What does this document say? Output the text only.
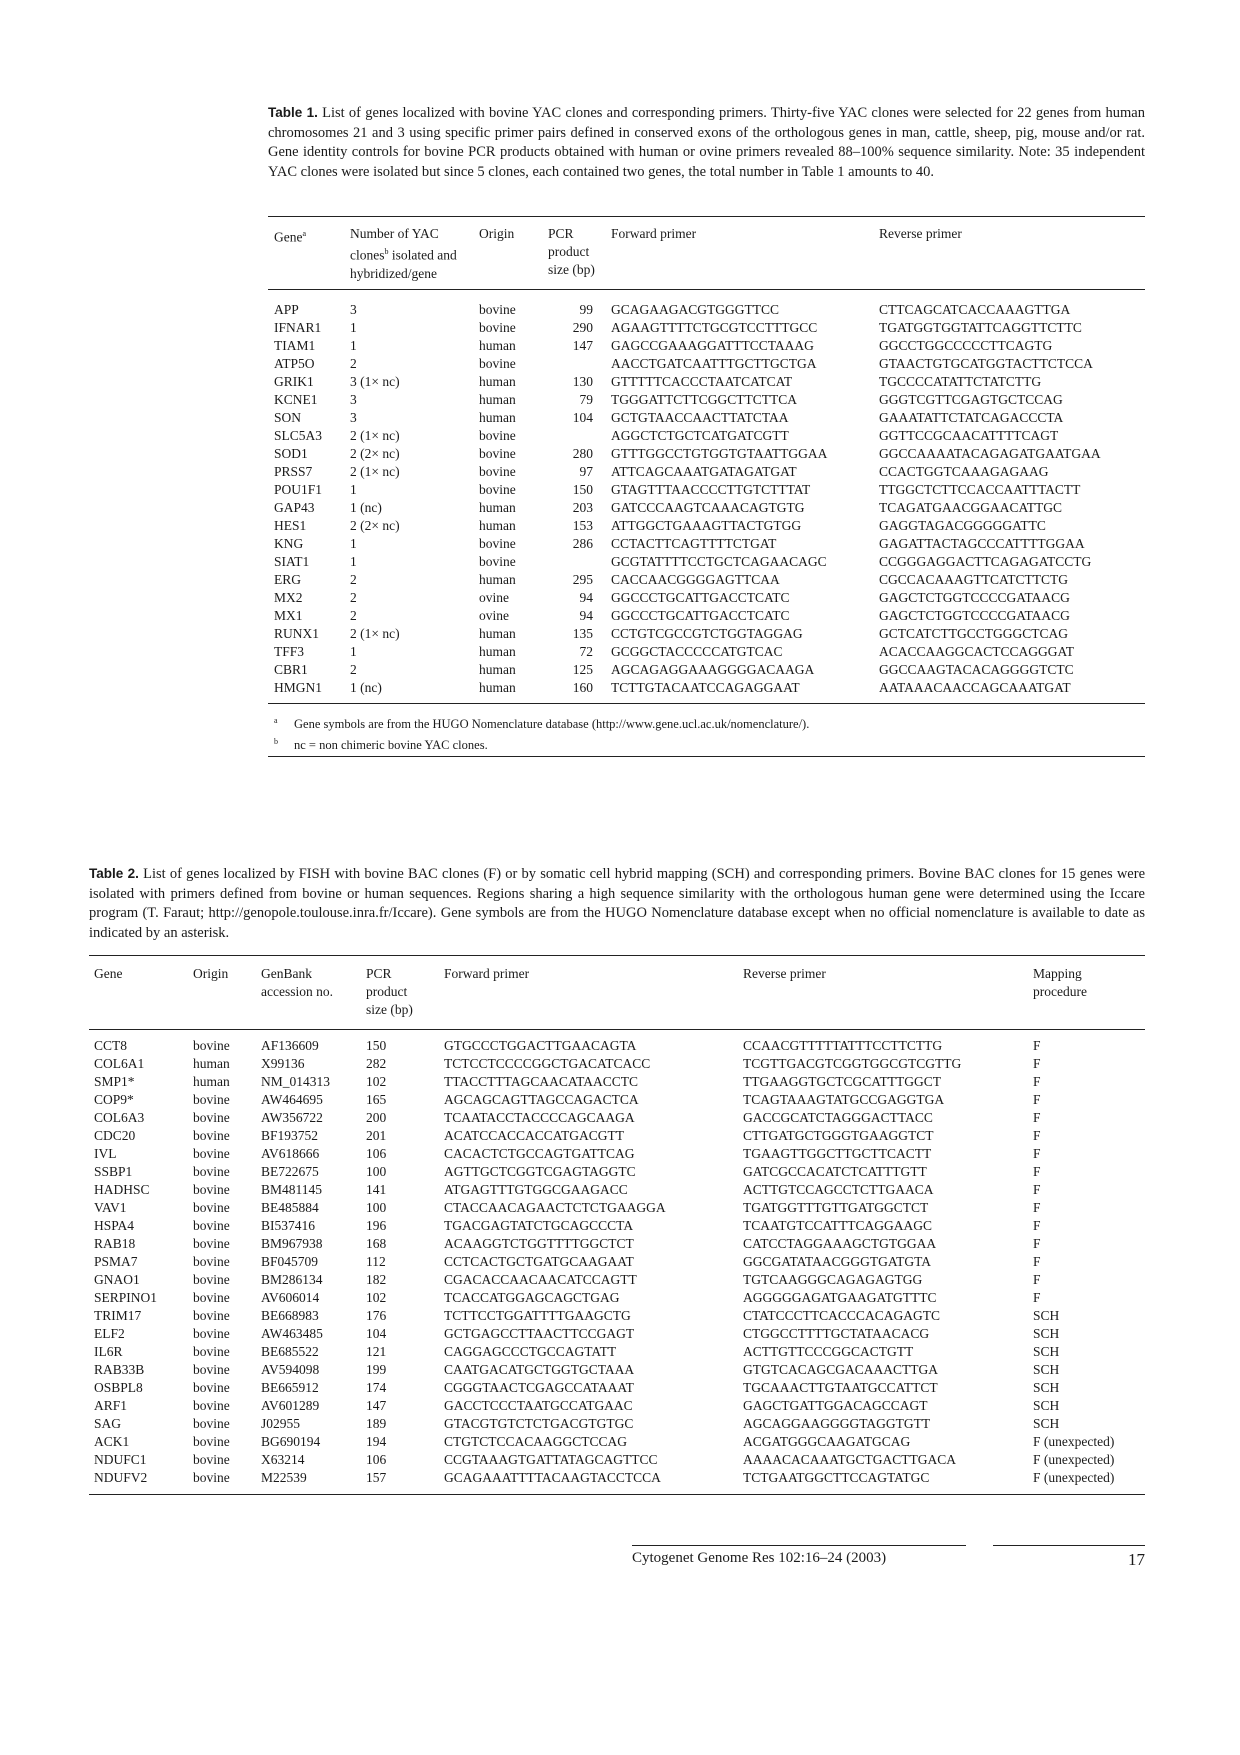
Table 1. List of genes localized with bovine YAC clones and corresponding primers. Thirty-five YAC clones were selected for 22 genes from human chromosomes 21 and 3 using specific primer pairs defined in conserved exons of the orthologous genes in man, cattle, sheep, pig, mouse and/or rat. Gene identity controls for bovine PCR products obtained with human or ovine primers revealed 88–100% sequence similarity. Note: 35 independent YAC clones were isolated but since 5 clones, each contained two genes, the total number in Table 1 amounts to 40.
Gene$^a$	Number of YAC
clones$^b$ isolated and
hybridized/gene	Origin	PCR
product
size (bp)	Forward primer	Reverse primer
APP	3	bovine	99	GCAGAAGACGTGGGTTCC	CTTCAGCATCACCAAAGTTGA
IFNAR1	1	bovine	290	AGAAGTTTTCTGCGTCCTTTGCC	TGATGGTGGTATTCAGGTTCTTC
TIAM1	1	human	147	GAGCCGAAAGGATTTCCTAAAG	GGCCTGGCCCCCTTCAGTG
ATP5O	2	bovine		AACCTGATCAATTTGCTTGCTGA	GTAACTGTGCATGGTACTTCTCCA
GRIK1	3 (1× nc)	human	130	GTTTTTCACCCTAATCATCAT	TGCCCCATATTCTATCTTG
KCNE1	3	human	79	TGGGATTCTTCGGCTTCTTCA	GGGTCGTTCGAGTGCTCCAG
SON	3	human	104	GCTGTAACCAACTTATCTAA	GAAATATTCTATCAGACCCTA
SLC5A3	2 (1× nc)	bovine		AGGCTCTGCTCATGATCGTT	GGTTCCGCAACATTTTCAGT
SOD1	2 (2× nc)	bovine	280	GTTTGGCCTGTGGTGTAATTGGAA	GGCCAAAATACAGAGATGAATGAA
PRSS7	2 (1× nc)	bovine	97	ATTCAGCAAATGATAGATGAT	CCACTGGTCAAAGAGAAG
POU1F1	1	bovine	150	GTAGTTTAACCCCTTGTCTTTAT	TTGGCTCTTCCACCAATTTACTT
GAP43	1 (nc)	human	203	GATCCCAAGTCAAACAGTGTG	TCAGATGAACGGAACATTGC
HES1	2 (2× nc)	human	153	ATTGGCTGAAAGTTACTGTGG	GAGGTAGACGGGGGATTC
KNG	1	bovine	286	CCTACTTCAGTTTTCTGAT	GAGATTACTAGCCCATTTTGGAA
SIAT1	1	bovine		GCGTATTTTCCTGCTCAGAACAGC	CCGGGAGGACTTCAGAGATCCTG
ERG	2	human	295	CACCAACGGGGAGTTCAA	CGCCACAAAGTTCATCTTCTG
MX2	2	ovine	94	GGCCCTGCATTGACCTCATC	GAGCTCTGGTCCCCGATAACG
MX1	2	ovine	94	GGCCCTGCATTGACCTCATC	GAGCTCTGGTCCCCGATAACG
RUNX1	2 (1× nc)	human	135	CCTGTCGCCGTCTGGTAGGAG	GCTCATCTTGCCTGGGCTCAG
TFF3	1	human	72	GCGGCTACCCCCATGTCAC	ACACCAAGGCACTCCAGGGAT
CBR1	2	human	125	AGCAGAGGAAAGGGGACAAGA	GGCCAAGTACACAGGGGTCTC
HMGN1	1 (nc)	human	160	TCTTGTACAATCCAGAGGAAT	AATAAACAACCAGCAAATGAT
$^a$ Gene symbols are from the HUGO Nomenclature database (http://www.gene.ucl.ac.uk/nomenclature/).
$^b$ nc = non chimeric bovine YAC clones.
Table 2. List of genes localized by FISH with bovine BAC clones (F) or by somatic cell hybrid mapping (SCH) and corresponding primers. Bovine BAC clones for 15 genes were isolated with primers defined from bovine or human sequences. Regions sharing a high sequence similarity with the orthologous human gene were determined using the Iccare program (T. Faraut; http://genopole.toulouse.inra.fr/Iccare). Gene symbols are from the HUGO Nomenclature database except when no official nomenclature is available to date as indicated by an asterisk.
Gene	Origin	GenBank
accession no.	PCR
product
size (bp)	Forward primer	Reverse primer	Mapping
procedure
CCT8	bovine	AF136609	150	GTGCCCTGGACTTGAACAGTA	CCAACGTTTTTATTTCCTTCTTG	F
COL6A1	human	X99136	282	TCTCCTCCCCGGCTGACATCACC	TCGTTGACGTCGGTGGCGTCGTTG	F
SMP1*	human	NM_014313	102	TTACCTTTAGCAACATAACCTC	TTGAAGGTGCTCGCATTTGGCT	F
COP9*	bovine	AW464695	165	AGCAGCAGTTAGCCAGACTCA	TCAGTAAAGTATGCCGAGGTGA	F
COL6A3	bovine	AW356722	200	TCAATACCTACCCCAGCAAGA	GACCGCATCTAGGGACTTACC	F
CDC20	bovine	BF193752	201	ACATCCACCACCATGACGTT	CTTGATGCTGGGTGAAGGTCT	F
IVL	bovine	AV618666	106	CACACTCTGCCAGTGATTCAG	TGAAGTTGGCTTGCTTCACTT	F
SSBP1	bovine	BE722675	100	AGTTGCTCGGTCGAGTAGGTC	GATCGCCACATCTCATTTGTT	F
HADHSC	bovine	BM481145	141	ATGAGTTTGTGGCGAAGACC	ACTTGTCCAGCCTCTTGAACA	F
VAV1	bovine	BE485884	100	CTACCAACAGAACTCTCTGAAGGA	TGATGGTTTGTTGATGGCTCT	F
HSPA4	bovine	BI537416	196	TGACGAGTATCTGCAGCCCTA	TCAATGTCCATTTCAGGAAGC	F
RAB18	bovine	BM967938	168	ACAAGGTCTGGTTTTGGCTCT	CATCCTAGGAAAGCTGTGGAA	F
PSMA7	bovine	BF045709	112	CCTCACTGCTGATGCAAGAAT	GGCGATATAACGGGTGATGTA	F
GNAO1	bovine	BM286134	182	CGACACCAACAACATCCAGTT	TGTCAAGGGCAGAGAGTGG	F
SERPINO1	bovine	AV606014	102	TCACCATGGAGCAGCTGAG	AGGGGGAGATGAAGATGTTTC	F
TRIM17	bovine	BE668983	176	TCTTCCTGGATTTTGAAGCTG	CTATCCCTTCACCCACAGAGTC	SCH
ELF2	bovine	AW463485	104	GCTGAGCCTTAACTTCCGAGT	CTGGCCTTTTGCTATAACACG	SCH
IL6R	bovine	BE685522	121	CAGGAGCCCTGCCAGTATT	ACTTGTTCCCGGCACTGTT	SCH
RAB33B	bovine	AV594098	199	CAATGACATGCTGGTGCTAAA	GTGTCACAGCGACAAACTTGA	SCH
OSBPL8	bovine	BE665912	174	CGGGTAACTCGAGCCATAAAT	TGCAAACTTGTAATGCCATTCT	SCH
ARF1	bovine	AV601289	147	GACCTCCCTAATGCCATGAAC	GAGCTGATTGGACAGCCAGT	SCH
SAG	bovine	J02955	189	GTACGTGTCTCTGACGTGTGC	AGCAGGAAGGGGTAGGTGTT	SCH
ACK1	bovine	BG690194	194	CTGTCTCCACAAGGCTCCAG	ACGATGGGCAAGATGCAG	F (unexpected)
NDUFC1	bovine	X63214	106	CCGTAAAGTGATTATAGCAGTTCC	AAAACACAAATGCTGACTTGACA	F (unexpected)
NDUFV2	bovine	M22539	157	GCAGAAATTTTACAAGTACCTCCA	TCTGAATGGCTTCCAGTATGC	F (unexpected)
Cytogenet Genome Res 102:16–24 (2003)	17
